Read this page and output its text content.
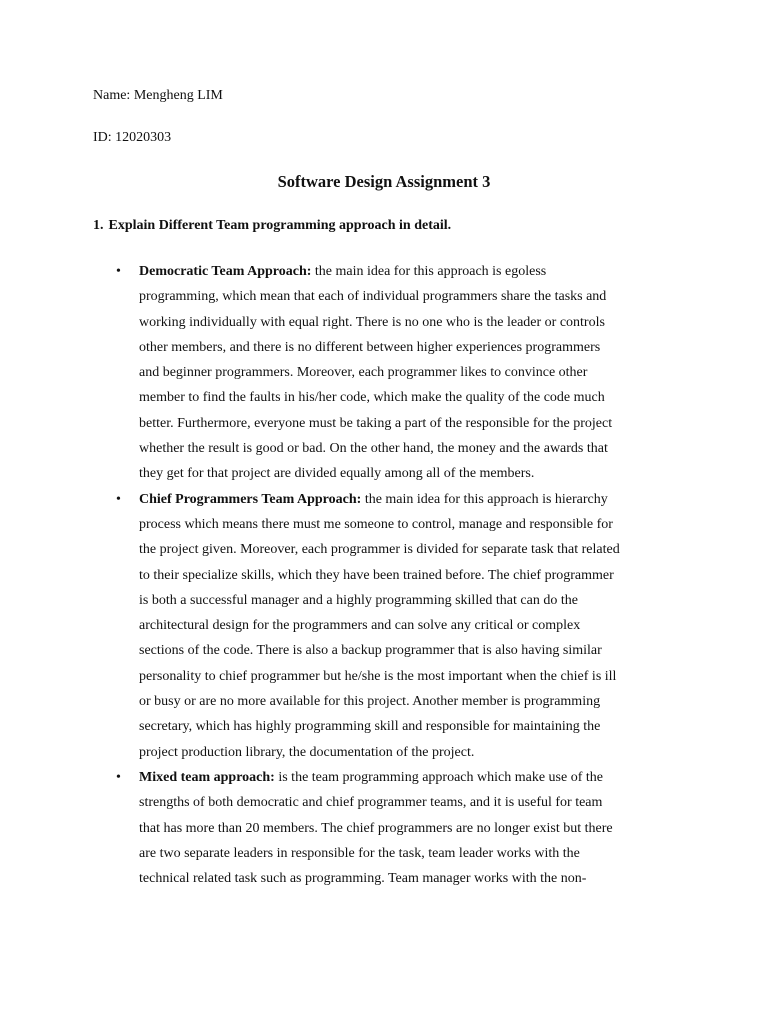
Name: Mengheng LIM
ID: 12020303
Software Design Assignment 3
1. Explain Different Team programming approach in detail.
• Democratic Team Approach: the main idea for this approach is egoless
programming, which mean that each of individual programmers share the tasks and
working individually with equal right. There is no one who is the leader or controls
other members, and there is no different between higher experiences programmers
and beginner programmers. Moreover, each programmer likes to convince other
member to find the faults in his/her code, which make the quality of the code much
better. Furthermore, everyone must be taking a part of the responsible for the project
whether the result is good or bad. On the other hand, the money and the awards that
they get for that project are divided equally among all of the members.
• Chief Programmers Team Approach: the main idea for this approach is hierarchy
process which means there must me someone to control, manage and responsible for
the project given. Moreover, each programmer is divided for separate task that related
to their specialize skills, which they have been trained before. The chief programmer
is both a successful manager and a highly programming skilled that can do the
architectural design for the programmers and can solve any critical or complex
sections of the code. There is also a backup programmer that is also having similar
personality to chief programmer but he/she is the most important when the chief is ill
or busy or are no more available for this project. Another member is programming
secretary, which has highly programming skill and responsible for maintaining the
project production library, the documentation of the project.
• Mixed team approach: is the team programming approach which make use of the
strengths of both democratic and chief programmer teams, and it is useful for team
that has more than 20 members. The chief programmers are no longer exist but there
are two separate leaders in responsible for the task, team leader works with the
technical related task such as programming. Team manager works with the non-
